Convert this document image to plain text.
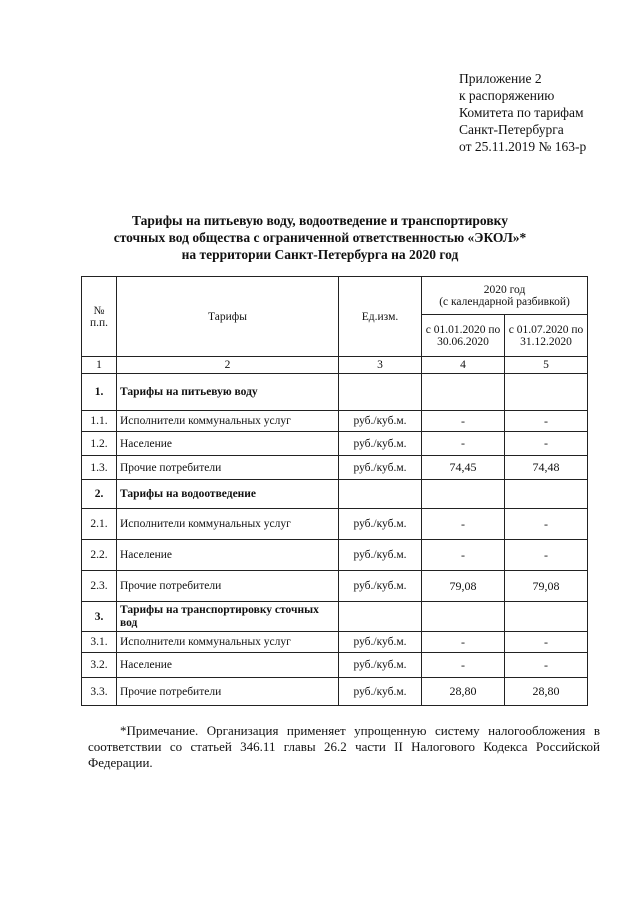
Приложение 2
к распоряжению
Комитета по тарифам
Санкт-Петербурга
от 25.11.2019 № 163-р
Тарифы на питьевую воду, водоотведение и транспортировку
сточных вод общества с ограниченной ответственностью «ЭКОЛ»*
на территории Санкт-Петербурга на 2020 год
№ п.п.	Тарифы	Ед.изм.	2020 год
(с календарной разбивкой)	

			с 01.01.2020 по 30.06.2020	с 01.07.2020 по 31.12.2020
1	2	3	4	5
1.	Тарифы на питьевую воду			
1.1.	Исполнители коммунальных услуг	руб./куб.м.	-	-
1.2.	Население	руб./куб.м.	-	-
1.3.	Прочие потребители	руб./куб.м.	74,45	74,48
2.	Тарифы на водоотведение			
2.1.	Исполнители коммунальных услуг	руб./куб.м.	-	-
2.2.	Население	руб./куб.м.	-	-
2.3.	Прочие потребители	руб./куб.м.	79,08	79,08
3.	Тарифы на транспортировку сточных вод			
3.1.	Исполнители коммунальных услуг	руб./куб.м.	-	-
3.2.	Население	руб./куб.м.	-	-
3.3.	Прочие потребители	руб./куб.м.	28,80	28,80

*Примечание. Организация применяет упрощенную систему налогообложения в соответствии со статьей 346.11 главы 26.2 части II Налогового Кодекса Российской Федерации.
